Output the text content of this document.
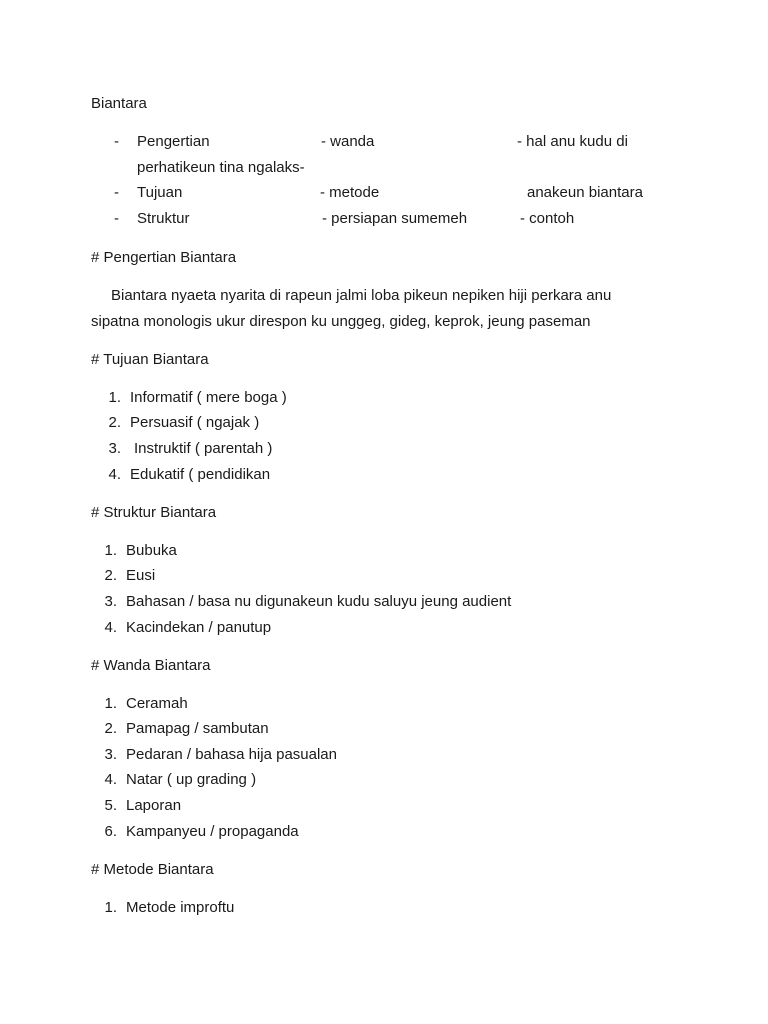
Biantara
- Pengertian	- wanda	- hal anu kudu di
perhatikeun tina ngalaks-
- Tujuan	- metode	anakeun biantara
- Struktur	- persiapan sumemeh	- contoh
# Pengertian Biantara
Biantara nyaeta nyarita di rapeun jalmi loba pikeun nepiken hiji perkara anu
sipatna monologis ukur direspon ku unggeg, gideg, keprok, jeung paseman
# Tujuan Biantara
1. Informatif ( mere boga )
2. Persuasif ( ngajak )
3. Instruktif ( parentah )
4. Edukatif ( pendidikan
# Struktur Biantara
1. Bubuka
2. Eusi
3. Bahasan / basa nu digunakeun kudu saluyu jeung audient
4. Kacindekan / panutup
# Wanda Biantara
1. Ceramah
2. Pamapag / sambutan
3. Pedaran / bahasa hija pasualan
4. Natar ( up grading )
5. Laporan
6. Kampanyeu / propaganda
# Metode Biantara
1. Metode improftu
